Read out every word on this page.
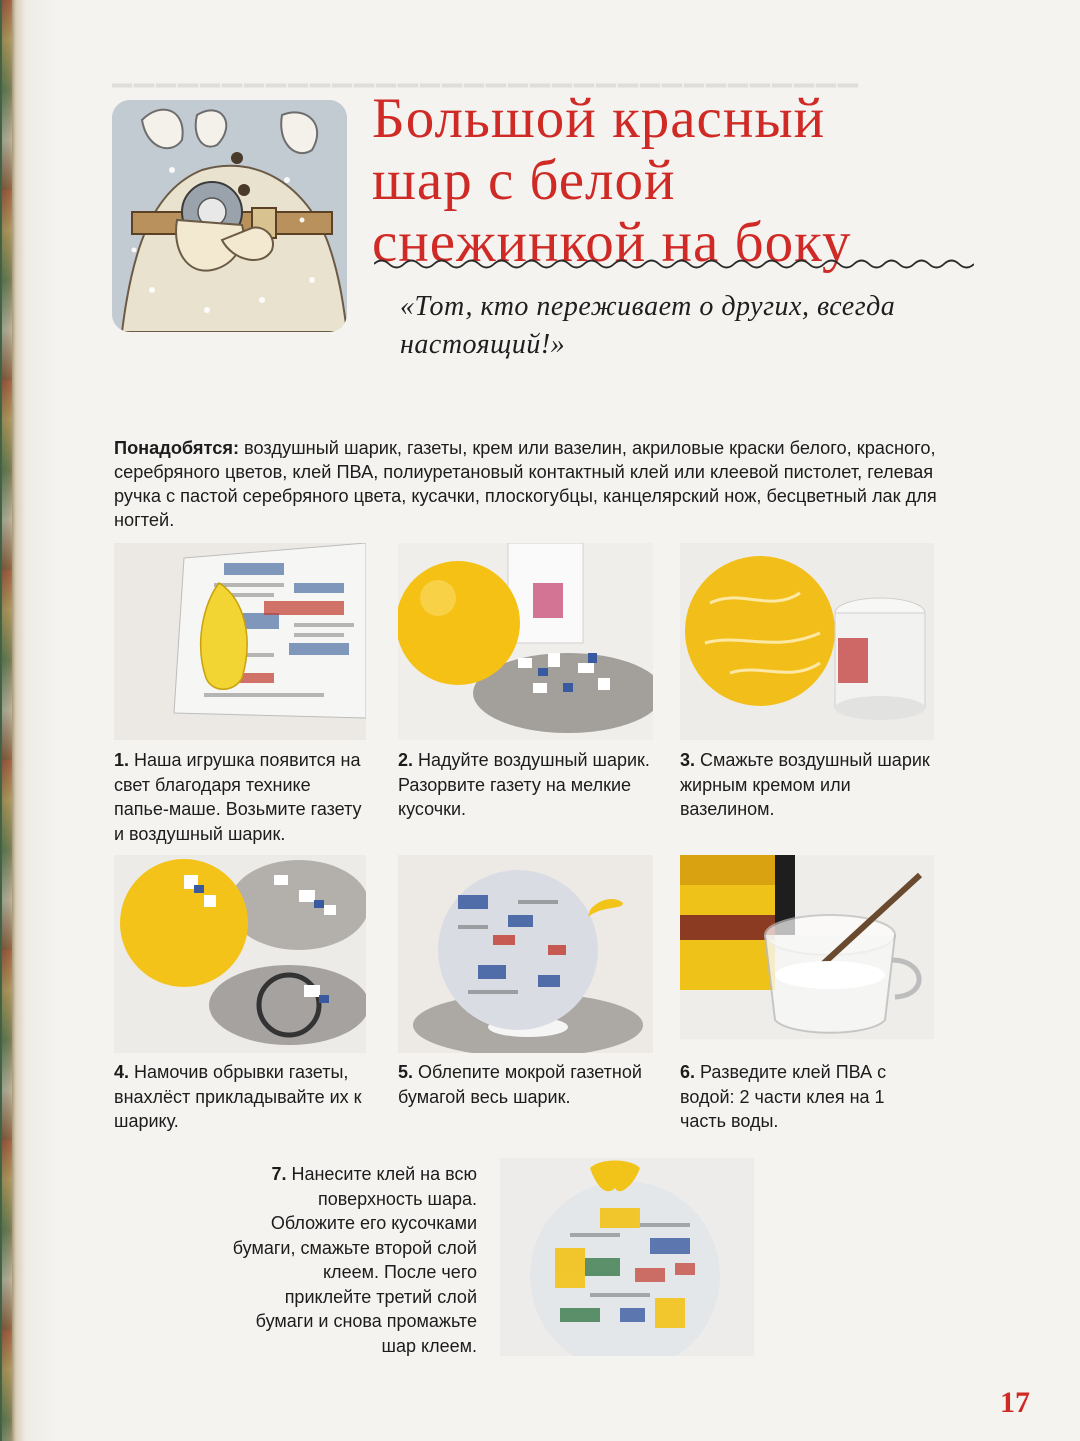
▁▁▁▁▁▁▁▁▁▁▁▁▁▁▁▁▁▁▁▁▁▁▁▁▁▁▁▁▁▁▁▁▁▁
Большой красный
шар с белой
снежинкой на боку
«Тот, кто переживает о других, всегда настоящий!»

Понадобятся: воздушный шарик, газеты, крем или вазелин, акриловые краски белого, красного, серебряного цветов, клей ПВА, полиуретановый контактный клей или клеевой пистолет, гелевая ручка с пастой серебряного цвета, кусачки, плоскогубцы, канцелярский нож, бесцветный лак для ногтей.

1. Наша игрушка появится на свет благодаря технике папье-маше. Возьмите газету и воздушный шарик.

2. Надуйте воздушный шарик. Разорвите газету на мелкие кусочки.

3. Смажьте воздушный шарик жирным кремом или вазелином.

4. Намочив обрывки газеты, внахлёст прикладывайте их к шарику.

5. Облепите мокрой газетной бумагой весь шарик.

6. Разведите клей ПВА с водой: 2 части клея на 1 часть воды.

7. Нанесите клей на всю поверхность шара. Обложите его кусочками бумаги, смажьте второй слой клеем. После чего приклейте третий слой бумаги и снова промажьте шар клеем.

17
